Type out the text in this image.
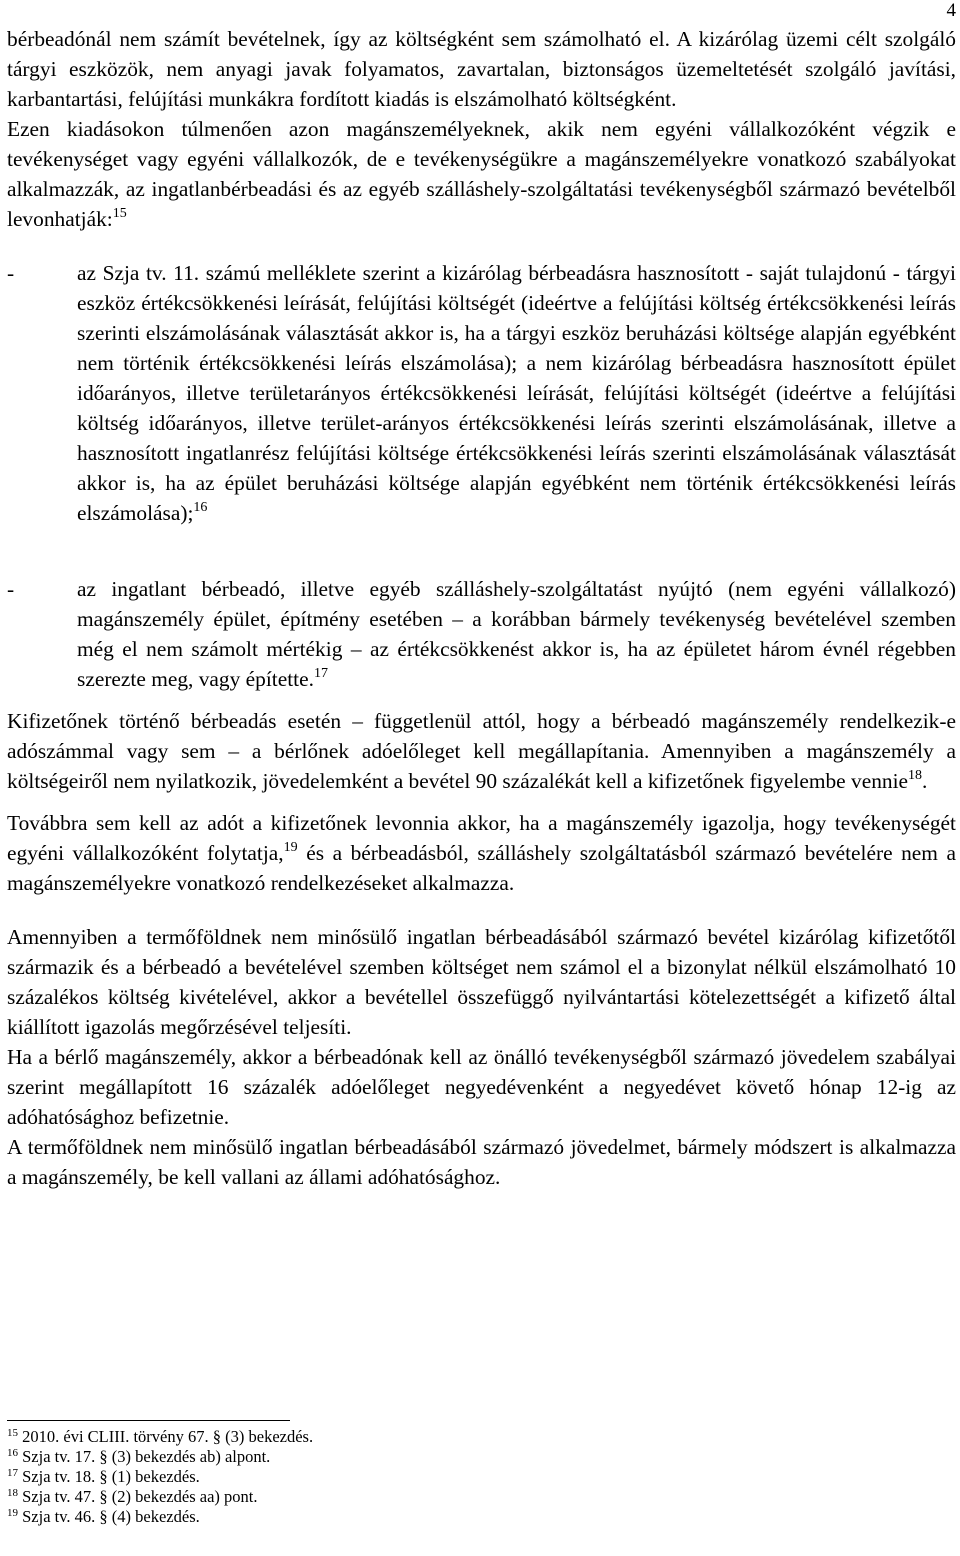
4

bérbeadónál nem számít bevételnek, így az költségként sem számolható el. A kizárólag üzemi célt szolgáló tárgyi eszközök, nem anyagi javak folyamatos, zavartalan, biztonságos üzemeltetését szolgáló javítási, karbantartási, felújítási munkákra fordított kiadás is elszámolható költségként.

Ezen kiadásokon túlmenően azon magánszemélyeknek, akik nem egyéni vállalkozóként végzik e tevékenységet vagy egyéni vállalkozók, de e tevékenységükre a magánszemélyekre vonatkozó szabályokat alkalmazzák, az ingatlanbérbeadási és az egyéb szálláshely-szolgáltatási tevékenységből származó bevételből levonhatják:$^{15}$

-	az Szja tv. 11. számú melléklete szerint a kizárólag bérbeadásra hasznosított - saját tulajdonú - tárgyi eszköz értékcsökkenési leírását, felújítási költségét (ideértve a felújítási költség értékcsökkenési leírás szerinti elszámolásának választását akkor is, ha a tárgyi eszköz beruházási költsége alapján egyébként nem történik értékcsökkenési leírás elszámolása); a nem kizárólag bérbeadásra hasznosított épület időarányos, illetve területarányos értékcsökkenési leírását, felújítási költségét (ideértve a felújítási költség időarányos, illetve terület-arányos értékcsökkenési leírás szerinti elszámolásának, illetve a hasznosított ingatlanrész felújítási költsége értékcsökkenési leírás szerinti elszámolásának választását akkor is, ha az épület beruházási költsége alapján egyébként nem történik értékcsökkenési leírás elszámolása);$^{16}$

-	az ingatlant bérbeadó, illetve egyéb szálláshely-szolgáltatást nyújtó (nem egyéni vállalkozó) magánszemély épület, építmény esetében – a korábban bármely tevékenység bevételével szemben még el nem számolt mértékig – az értékcsökkenést akkor is, ha az épületet három évnél régebben szerezte meg, vagy építette.$^{17}$

Kifizetőnek történő bérbeadás esetén – függetlenül attól, hogy a bérbeadó magánszemély rendelkezik-e adószámmal vagy sem – a bérlőnek adóelőleget kell megállapítania. Amennyiben a magánszemély a költségeiről nem nyilatkozik, jövedelemként a bevétel 90 százalékát kell a kifizetőnek figyelembe vennie$^{18}$.

Továbbra sem kell az adót a kifizetőnek levonnia akkor, ha a magánszemély igazolja, hogy tevékenységét egyéni vállalkozóként folytatja,$^{19}$ és a bérbeadásból, szálláshely szolgáltatásból származó bevételére nem a magánszemélyekre vonatkozó rendelkezéseket alkalmazza.

Amennyiben a termőföldnek nem minősülő ingatlan bérbeadásából származó bevétel kizárólag kifizetőtől származik és a bérbeadó a bevételével szemben költséget nem számol el a bizonylat nélkül elszámolható 10 százalékos költség kivételével, akkor a bevétellel összefüggő nyilvántartási kötelezettségét a kifizető által kiállított igazolás megőrzésével teljesíti.

Ha a bérlő magánszemély, akkor a bérbeadónak kell az önálló tevékenységből származó jövedelem szabályai szerint megállapított 16 százalék adóelőleget negyedévenként a negyedévet követő hónap 12-ig az adóhatósághoz befizetnie.

A termőföldnek nem minősülő ingatlan bérbeadásából származó jövedelmet, bármely módszert is alkalmazza a magánszemély, be kell vallani az állami adóhatósághoz.

$^{15}$ 2010. évi CLIII. törvény 67. § (3) bekezdés.
$^{16}$ Szja tv. 17. § (3) bekezdés ab) alpont.
$^{17}$ Szja tv. 18. § (1) bekezdés.
$^{18}$ Szja tv. 47. § (2) bekezdés aa) pont.
$^{19}$ Szja tv. 46. § (4) bekezdés.
